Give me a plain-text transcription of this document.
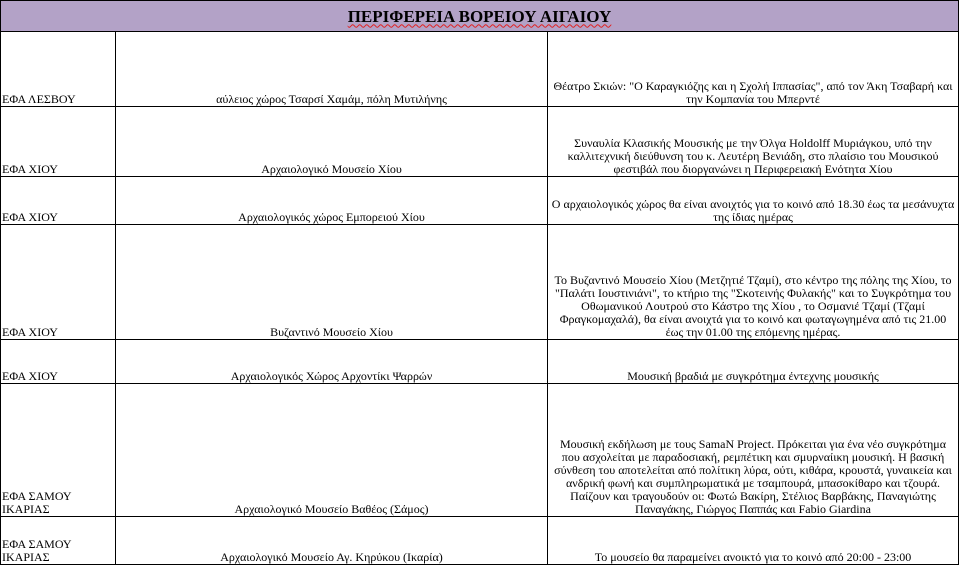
ΠΕΡΙΦΕΡΕΙΑ ΒΟΡΕΙΟΥ ΑΙΓΑΙΟΥ		
ΕΦΑ ΛΕΣΒΟΥ	αύλειος χώρος Τσαρσί Χαμάμ, πόλη Μυτιλήνης	Θέατρο Σκιών: "Ο Καραγκιόζης και η Σχολή Ιππασίας", από τον Άκη Τσαβαρή και την Κομπανία του Μπερντέ
ΕΦΑ ΧΙΟΥ	Αρχαιολογικό Μουσείο Χίου	Συναυλία Κλασικής Μουσικής με την Όλγα Holdolff Μυριάγκου, υπό την καλλιτεχνική διεύθυνση του κ. Λευτέρη Βενιάδη, στο πλαίσιο του Μουσικού φεστιβάλ που διοργανώνει η Περιφερειακή Ενότητα Χίου
ΕΦΑ ΧΙΟΥ	Αρχαιολογικός χώρος Εμπορειού Χίου	Ο αρχαιολογικός χώρος θα είναι ανοιχτός για το κοινό από 18.30 έως τα μεσάνυχτα της ίδιας ημέρας
ΕΦΑ ΧΙΟΥ	Βυζαντινό Μουσείο Χίου	Το Βυζαντινό Μουσείο Χίου (Μετζητιέ Τζαμί), στο κέντρο της πόλης της Χίου, το "Παλάτι Ιουστινιάνι", το κτήριο της "Σκοτεινής Φυλακής" και το Συγκρότημα του Οθωμανικού Λουτρού στο Κάστρο της Χίου , το Οσμανιέ Τζαμί (Τζαμί Φραγκομαχαλά), θα είναι ανοιχτά για το κοινό και φωταγωγημένα από τις 21.00 έως την 01.00 της επόμενης ημέρας.
ΕΦΑ ΧΙΟΥ	Αρχαιολογικός Χώρος Αρχοντίκι Ψαρρών	Μουσική βραδιά με συγκρότημα έντεχνης μουσικής
ΕΦΑ ΣΑΜΟΥ ΙΚΑΡΙΑΣ	Αρχαιολογικό Μουσείο Βαθέος (Σάμος)	Μουσική εκδήλωση με τους SamaN Project. Πρόκειται για ένα νέο συγκρότημα που ασχολείται με παραδοσιακή, ρεμπέτικη και σμυρναίικη μουσική. Η βασική σύνθεση του αποτελείται από πολίτικη λύρα, ούτι, κιθάρα, κρουστά, γυναικεία και ανδρική φωνή και συμπληρωματικά με τσαμπουρά, μπασοκίθαρο και τζουρά. Παίζουν και τραγουδούν οι: Φωτώ Βακίρη, Στέλιος Βαρβάκης, Παναγιώτης Παναγάκης, Γιώργος Παππάς και Fabio Giardina
ΕΦΑ ΣΑΜΟΥ ΙΚΑΡΙΑΣ	Αρχαιολογικό Μουσείο Αγ. Κηρύκου (Ικαρία)	Το μουσείο θα παραμείνει ανοικτό για το κοινό από 20:00 - 23:00
